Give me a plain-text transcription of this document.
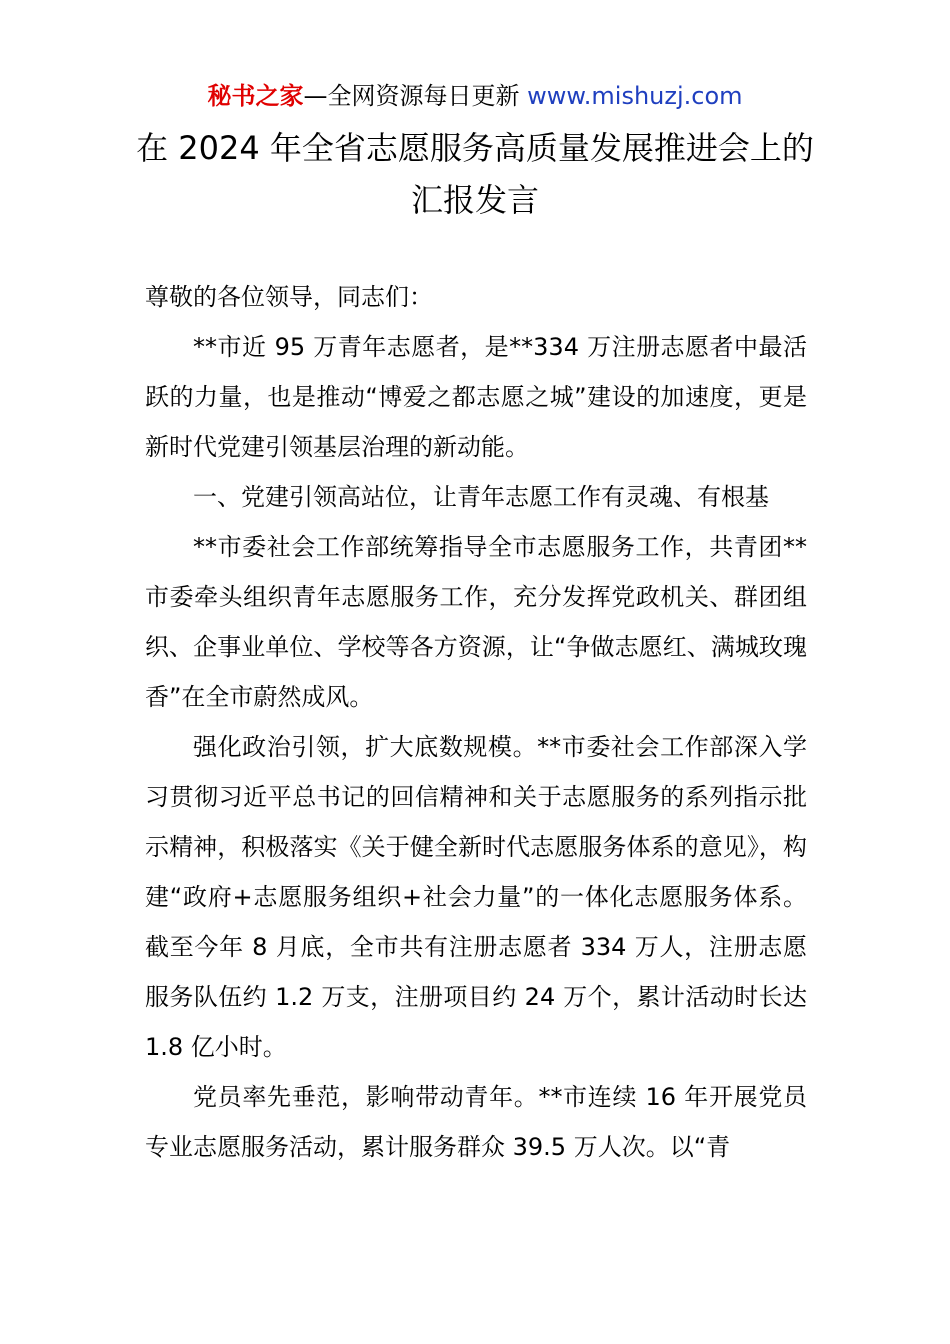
秘书之家—全网资源每日更新 www.mishuzj.com
在 2024 年全省志愿服务高质量发展推进会上的
汇报发言

尊敬的各位领导，同志们：

**市近 95 万青年志愿者，是**334 万注册志愿者中最活跃的力量，也是推动“博爱之都志愿之城”建设的加速度，更是新时代党建引领基层治理的新动能。

一、党建引领高站位，让青年志愿工作有灵魂、有根基

**市委社会工作部统筹指导全市志愿服务工作，共青团**市委牵头组织青年志愿服务工作，充分发挥党政机关、群团组织、企事业单位、学校等各方资源，让“争做志愿红、满城玫瑰香”在全市蔚然成风。

强化政治引领，扩大底数规模。**市委社会工作部深入学习贯彻习近平总书记的回信精神和关于志愿服务的系列指示批示精神，积极落实《关于健全新时代志愿服务体系的意见》，构建“政府+志愿服务组织+社会力量”的一体化志愿服务体系。截至今年 8 月底，全市共有注册志愿者 334 万人，注册志愿服务队伍约 1.2 万支，注册项目约 24 万个，累计活动时长达 1.8 亿小时。

党员率先垂范，影响带动青年。**市连续 16 年开展党员专业志愿服务活动，累计服务群众 39.5 万人次。以“青
